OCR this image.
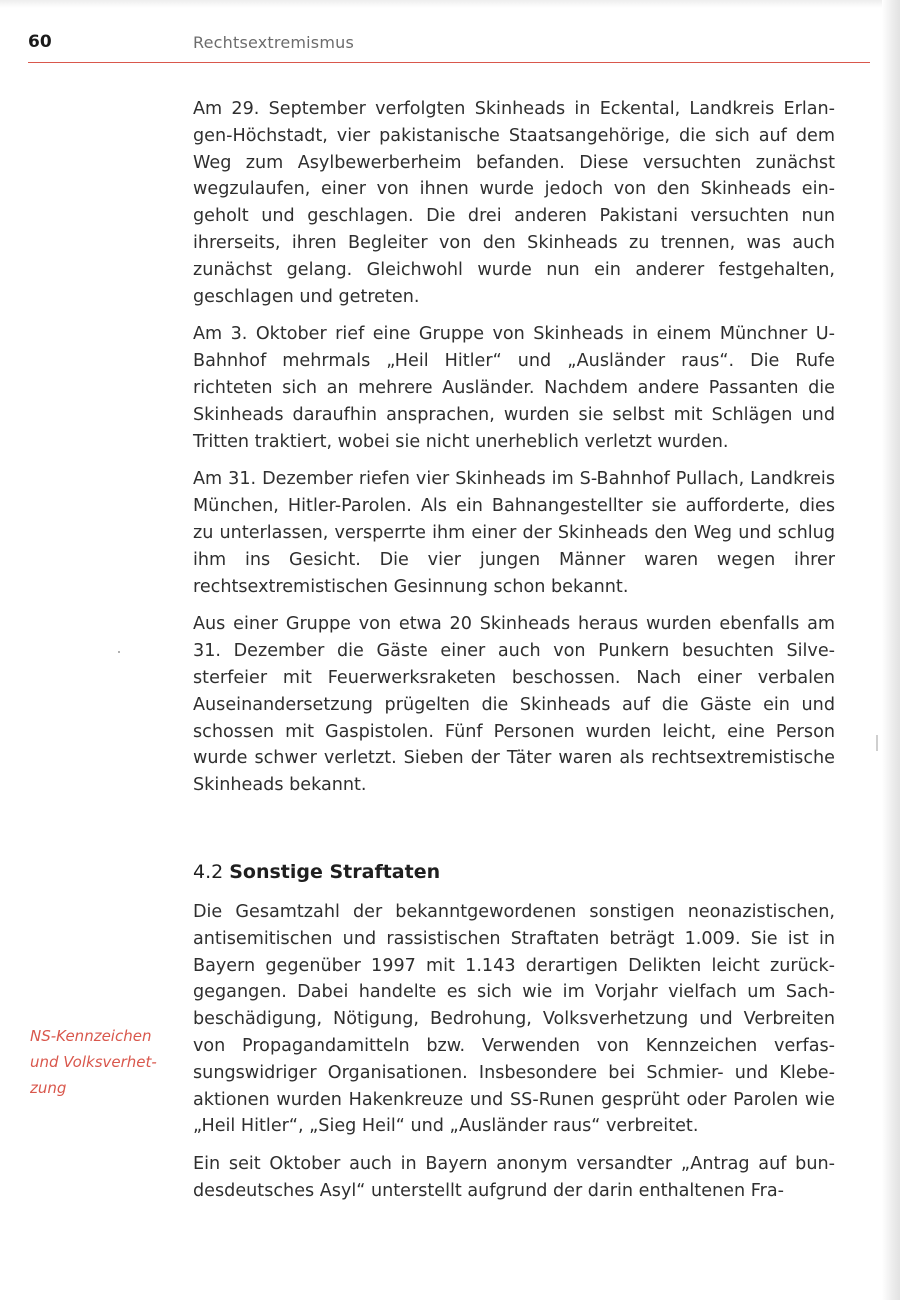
60	Rechtsextremismus

Am 29. September verfolgten Skinheads in Eckental, Landkreis Erlangen-Höchstadt, vier pakistanische Staatsangehörige, die sich auf dem Weg zum Asylbewerberheim befanden. Diese versuchten zunächst wegzulaufen, einer von ihnen wurde jedoch von den Skinheads eingeholt und geschlagen. Die drei anderen Pakistani versuchten nun ihrerseits, ihren Begleiter von den Skinheads zu trennen, was auch zunächst gelang. Gleichwohl wurde nun ein anderer festgehalten, geschlagen und getreten.

Am 3. Oktober rief eine Gruppe von Skinheads in einem Münchner U-Bahnhof mehrmals „Heil Hitler“ und „Ausländer raus“. Die Rufe richteten sich an mehrere Ausländer. Nachdem andere Passanten die Skinheads daraufhin ansprachen, wurden sie selbst mit Schlägen und Tritten traktiert, wobei sie nicht unerheblich verletzt wurden.

Am 31. Dezember riefen vier Skinheads im S-Bahnhof Pullach, Landkreis München, Hitler-Parolen. Als ein Bahnangestellter sie aufforderte, dies zu unterlassen, versperrte ihm einer der Skinheads den Weg und schlug ihm ins Gesicht. Die vier jungen Männer waren wegen ihrer rechtsextremistischen Gesinnung schon bekannt.

Aus einer Gruppe von etwa 20 Skinheads heraus wurden ebenfalls am 31. Dezember die Gäste einer auch von Punkern besuchten Silvesterfeier mit Feuerwerksraketen beschossen. Nach einer verbalen Auseinandersetzung prügelten die Skinheads auf die Gäste ein und schossen mit Gaspistolen. Fünf Personen wurden leicht, eine Person wurde schwer verletzt. Sieben der Täter waren als rechtsextremistische Skinheads bekannt.

4.2 Sonstige Straftaten

Die Gesamtzahl der bekanntgewordenen sonstigen neonazistischen, antisemitischen und rassistischen Straftaten beträgt 1.009. Sie ist in Bayern gegenüber 1997 mit 1.143 derartigen Delikten leicht zurückgegangen. Dabei handelte es sich wie im Vorjahr vielfach um Sachbeschädigung, Nötigung, Bedrohung, Volksverhetzung und Verbreiten von Propagandamitteln bzw. Verwenden von Kennzeichen verfassungswidriger Organisationen. Insbesondere bei Schmier- und Klebeaktionen wurden Hakenkreuze und SS-Runen gesprüht oder Parolen wie „Heil Hitler“, „Sieg Heil“ und „Ausländer raus“ verbreitet.

Ein seit Oktober auch in Bayern anonym versandter „Antrag auf bundesdeutsches Asyl“ unterstellt aufgrund der darin enthaltenen Fra-

NS-Kennzeichen und Volksverhetzung
